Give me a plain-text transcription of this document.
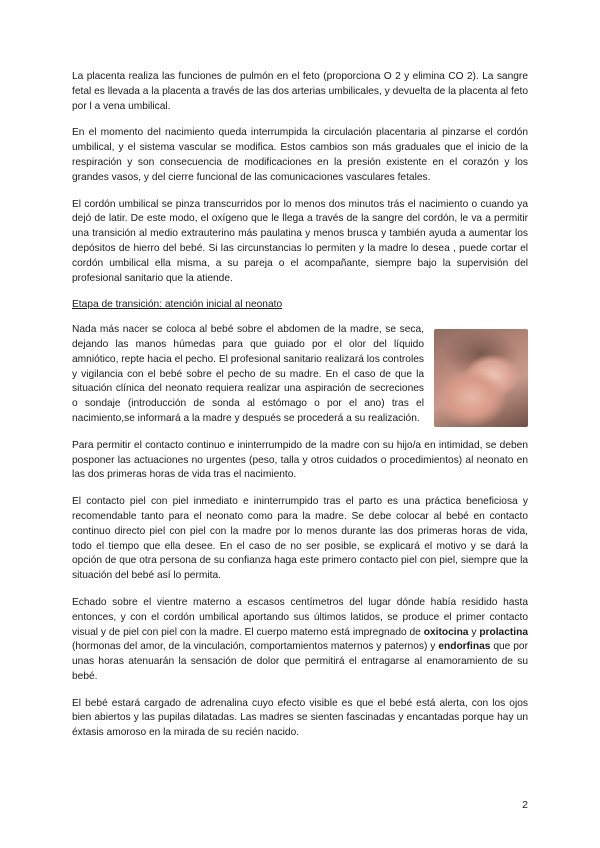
La placenta realiza las funciones de pulmón en el feto (proporciona O 2 y elimina CO 2). La sangre fetal es llevada a la placenta a través de las dos arterias umbilicales, y devuelta de la placenta al feto por l a vena umbilical.

En el momento del nacimiento queda interrumpida la circulación placentaria al pinzarse el cordón umbilical, y el sistema vascular se modifica. Estos cambios son más graduales que el inicio de la respiración y son consecuencia de modificaciones en la presión existente en el corazón y los grandes vasos, y del cierre funcional de las comunicaciones vasculares fetales.

El cordón umbilical se pinza transcurridos por lo menos dos minutos trás el nacimiento o cuando ya dejó de latir. De este modo, el oxígeno que le llega a través de la sangre del cordón, le va a permitir una transición al medio extrauterino más paulatina y menos brusca y también ayuda a aumentar los depósitos de hierro del bebé. Si las circunstancias lo permiten y la madre lo desea , puede cortar el cordón umbilical ella misma, a su pareja o el acompañante, siempre bajo la supervisión del profesional sanitario que la atiende.

Etapa de transición: atención inicial al neonato

Nada más nacer se coloca al bebé sobre el abdomen de la madre, se seca, dejando las manos húmedas para que guiado por el olor del líquido amniótico, repte hacia el pecho. El profesional sanitario realizará los controles y vigilancia con el bebé sobre el pecho de su madre. En el caso de que la situación clínica del neonato requiera realizar una aspiración de secreciones o sondaje (introducción de sonda al estómago o por el ano) tras el nacimiento,se informará a la madre y después se procederá a su realización.

Para permitir el contacto continuo e ininterrumpido de la madre con su hijo/a en intimidad, se deben posponer las actuaciones no urgentes (peso, talla y otros cuidados o procedimientos) al neonato en las dos primeras horas de vida tras el nacimiento.

El contacto piel con piel inmediato e ininterrumpido tras el parto es una práctica beneficiosa y recomendable tanto para el neonato como para la madre. Se debe colocar al bebé en contacto continuo directo piel con piel con la madre por lo menos durante las dos primeras horas de vida, todo el tiempo que ella desee. En el caso de no ser posible, se explicará el motivo y se dará la opción de que otra persona de su confianza haga este primero contacto piel con piel, siempre que la situación del bebé así lo permita.

Echado sobre el vientre materno a escasos centímetros del lugar dónde había residido hasta entonces, y con el cordón umbilical aportando sus últimos latidos, se produce el primer contacto visual y de piel con piel con la madre. El cuerpo materno está impregnado de oxitocina y prolactina (hormonas del amor, de la vinculación, comportamientos maternos y paternos) y endorfinas que por unas horas atenuarán la sensación de dolor que permitirá el entragarse al enamoramiento de su bebé.

El bebé estará cargado de adrenalina cuyo efecto visible es que el bebé está alerta, con los ojos bien abiertos y las pupilas dilatadas. Las madres se sienten fascinadas y encantadas porque hay un éxtasis amoroso en la mirada de su recién nacido.

2
